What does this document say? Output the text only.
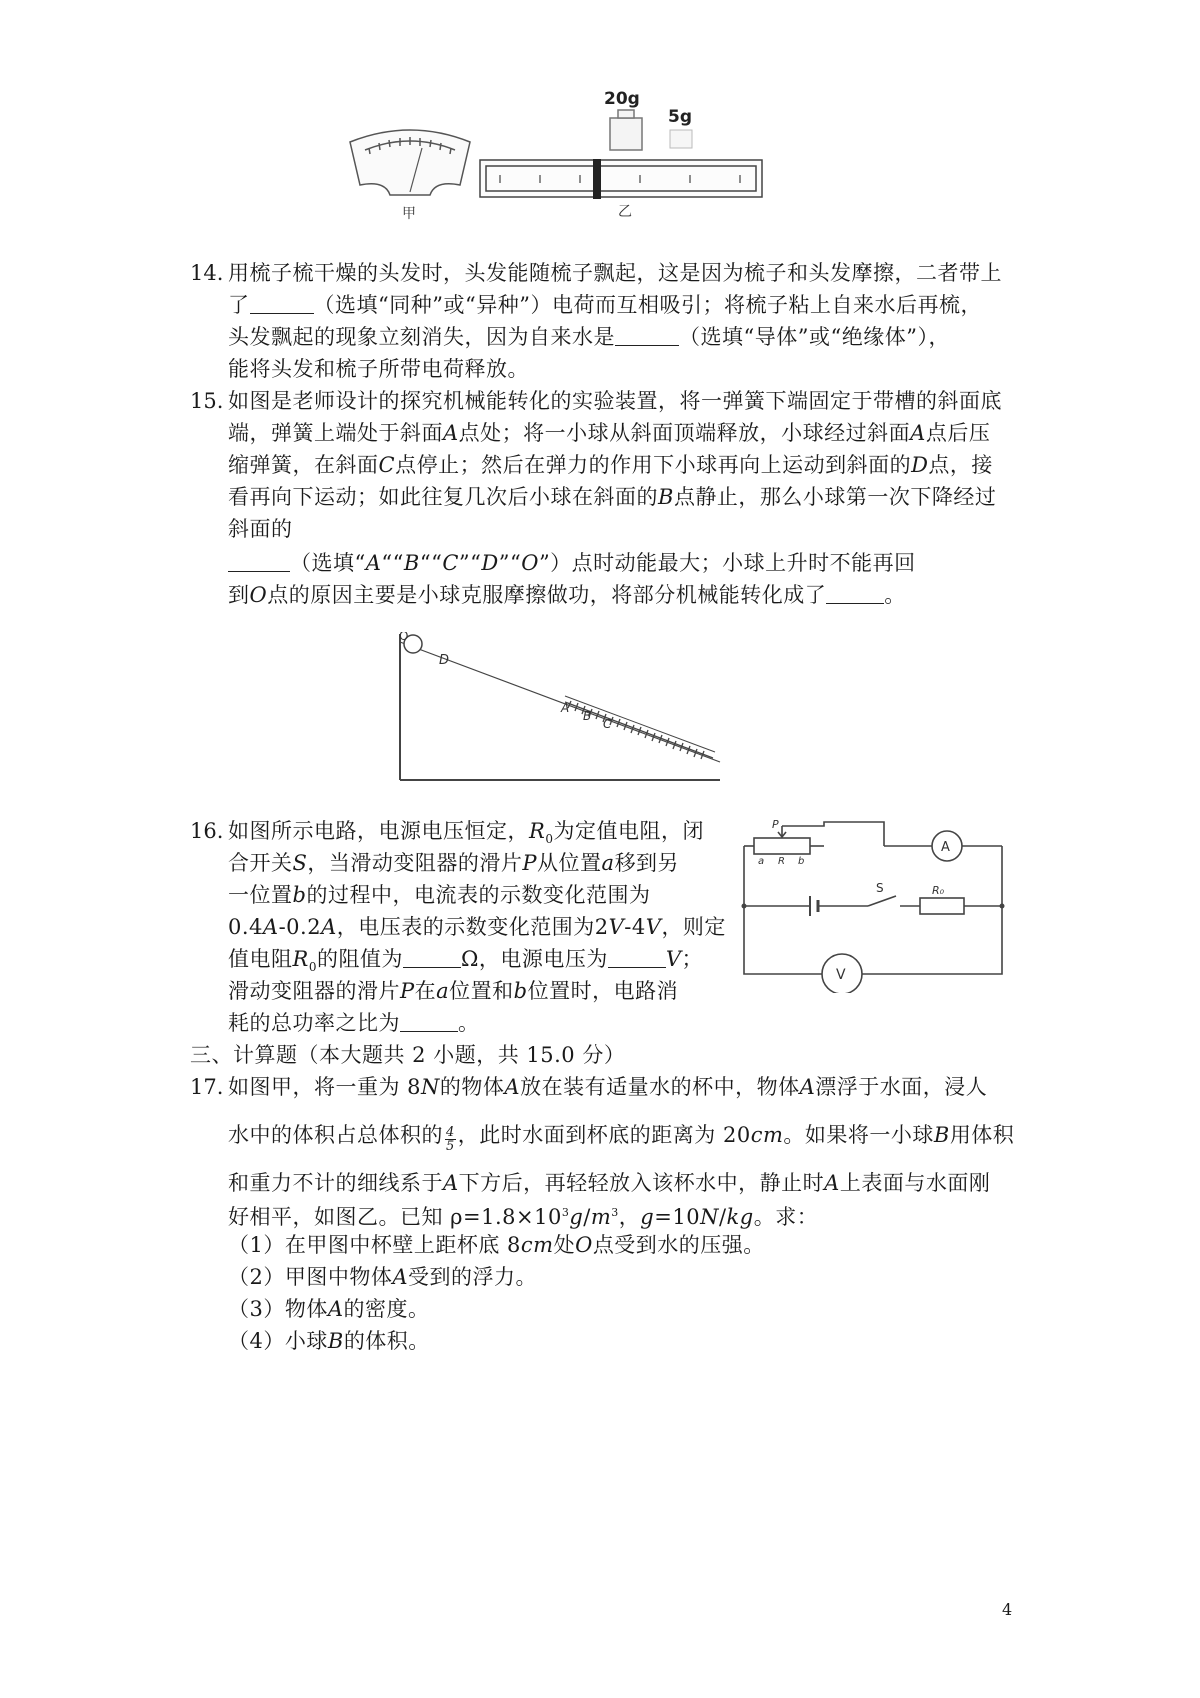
甲
20g
5g
乙
14. 用梳子梳干燥的头发时，头发能随梳子飘起，这是因为梳子和头发摩擦，二者带上
了	（选填“同种”或“异种”）电荷而互相吸引；将梳子粘上自来水后再梳，
头发飘起的现象立刻消失，因为自来水是	（选填“导体”或“绝缘体”），
能将头发和梳子所带电荷释放。
15. 如图是老师设计的探究机械能转化的实验装置，将一弹簧下端固定于带槽的斜面底
端，弹簧上端处于斜面A点处；将一小球从斜面顶端释放，小球经过斜面A点后压
缩弹簧，在斜面C点停止；然后在弹力的作用下小球再向上运动到斜面的D点，接
看再向下运动；如此往复几次后小球在斜面的B点静止，那么小球第一次下降经过
斜面的
（选填“A““B““C”“D”“O”）点时动能最大；小球上升时不能再回
到O点的原因主要是小球克服摩擦做功，将部分机械能转化成了	。
O
D
A
B
C
16. 如图所示电路，电源电压恒定，$R_0$为定值电阻，闭
合开关S，当滑动变阻器的滑片P从位置a移到另
一位置b的过程中，电流表的示数变化范围为
0.4A-0.2A，电压表的示数变化范围为2V-4V，则定
值电阻$R_0$的阻值为	Ω，电源电压为	V；
滑动变阻器的滑片P在a位置和b位置时，电路消
耗的总功率之比为	。
P
a R b
A
S	R₀
V
三、计算题（本大题共 2 小题，共 15.0 分）
17. 如图甲，将一重为 8N的物体A放在装有适量水的杯中，物体A漂浮于水面，浸人
水中的体积占总体积的 $\frac{4}{5}$ ，此时水面到杯底的距离为 20cm。如果将一小球B用体积
和重力不计的细线系于A下方后，再轻轻放入该杯水中，静止时A上表面与水面刚
好相平，如图乙。已知 $\rho=1.8\times 10^3g/m^3$，g=10N/kg。求：
（1）在甲图中杯壁上距杯底 8cm处O点受到水的压强。
（2）甲图中物体A受到的浮力。
（3）物体A的密度。
（4）小球B的体积。
4
